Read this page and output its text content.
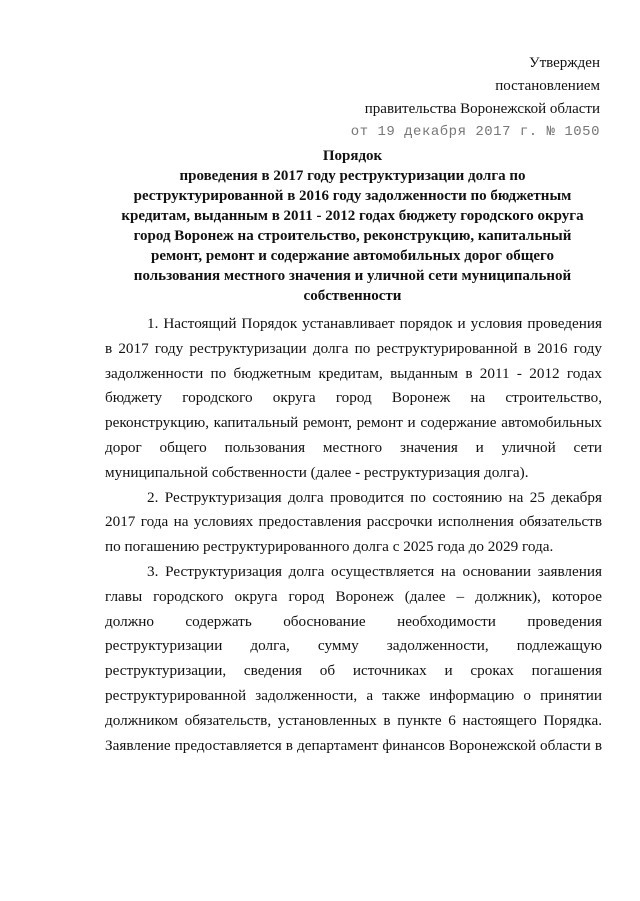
Утвержден
постановлением
правительства Воронежской области
от 19 декабря 2017 г. № 1050
Порядок
проведения в 2017 году реструктуризации долга по
реструктурированной в 2016 году задолженности по бюджетным
кредитам, выданным в 2011 - 2012 годах бюджету городского округа
город Воронеж на строительство, реконструкцию, капитальный
ремонт, ремонт и содержание автомобильных дорог общего
пользования местного значения и уличной сети муниципальной
собственности
1. Настоящий Порядок устанавливает порядок и условия проведения
в 2017 году реструктуризации долга по реструктурированной в 2016 году
задолженности по бюджетным кредитам, выданным в 2011 - 2012 годах
бюджету городского округа город Воронеж на строительство,
реконструкцию, капитальный ремонт, ремонт и содержание автомобильных
дорог общего пользования местного значения и уличной сети
муниципальной собственности (далее - реструктуризация долга).
2. Реструктуризация долга проводится по состоянию на 25 декабря
2017 года на условиях предоставления рассрочки исполнения обязательств
по погашению реструктурированного долга с 2025 года до 2029 года.
3. Реструктуризация долга осуществляется на основании заявления
главы городского округа город Воронеж (далее – должник), которое
должно содержать обоснование необходимости проведения
реструктуризации долга, сумму задолженности, подлежащую
реструктуризации, сведения об источниках и сроках погашения
реструктурированной задолженности, а также информацию о принятии
должником обязательств, установленных в пункте 6 настоящего Порядка.
Заявление предоставляется в департамент финансов Воронежской области в
